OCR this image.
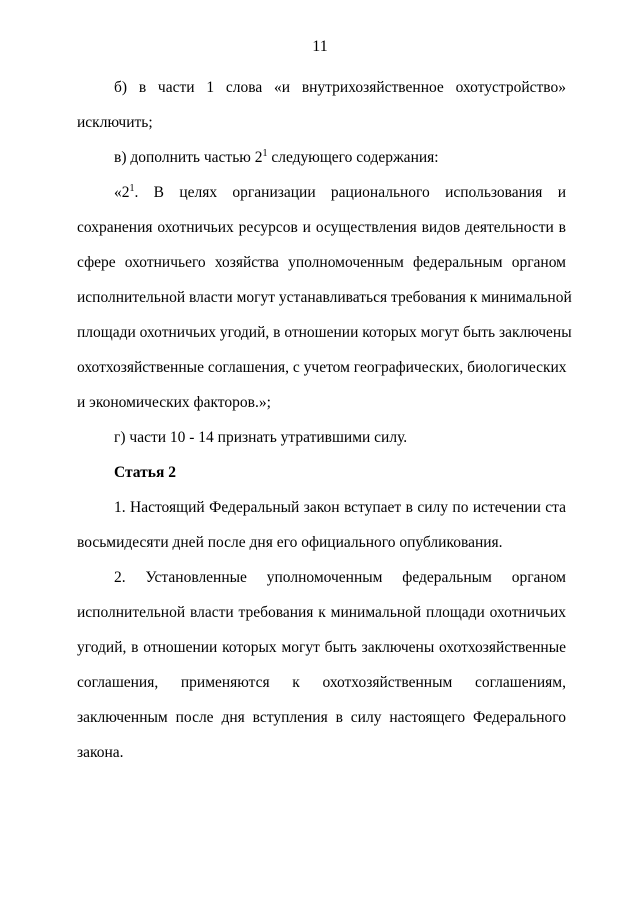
11
б) в части 1 слова «и внутрихозяйственное охотустройство»
исключить;
в) дополнить частью $2^1$ следующего содержания:
«$2^1$. В целях организации рационального использования и
сохранения охотничьих ресурсов и осуществления видов деятельности в
сфере охотничьего хозяйства уполномоченным федеральным органом
исполнительной власти могут устанавливаться требования к минимальной
площади охотничьих угодий, в отношении которых могут быть заключены
охотхозяйственные соглашения, с учетом географических, биологических
и экономических факторов.»;
г) части 10 - 14 признать утратившими силу.
Статья 2
1. Настоящий Федеральный закон вступает в силу по истечении ста
восьмидесяти дней после дня его официального опубликования.
2. Установленные уполномоченным федеральным органом
исполнительной власти требования к минимальной площади охотничьих
угодий, в отношении которых могут быть заключены охотхозяйственные
соглашения, применяются к охотхозяйственным соглашениям,
заключенным после дня вступления в силу настоящего Федерального
закона.
